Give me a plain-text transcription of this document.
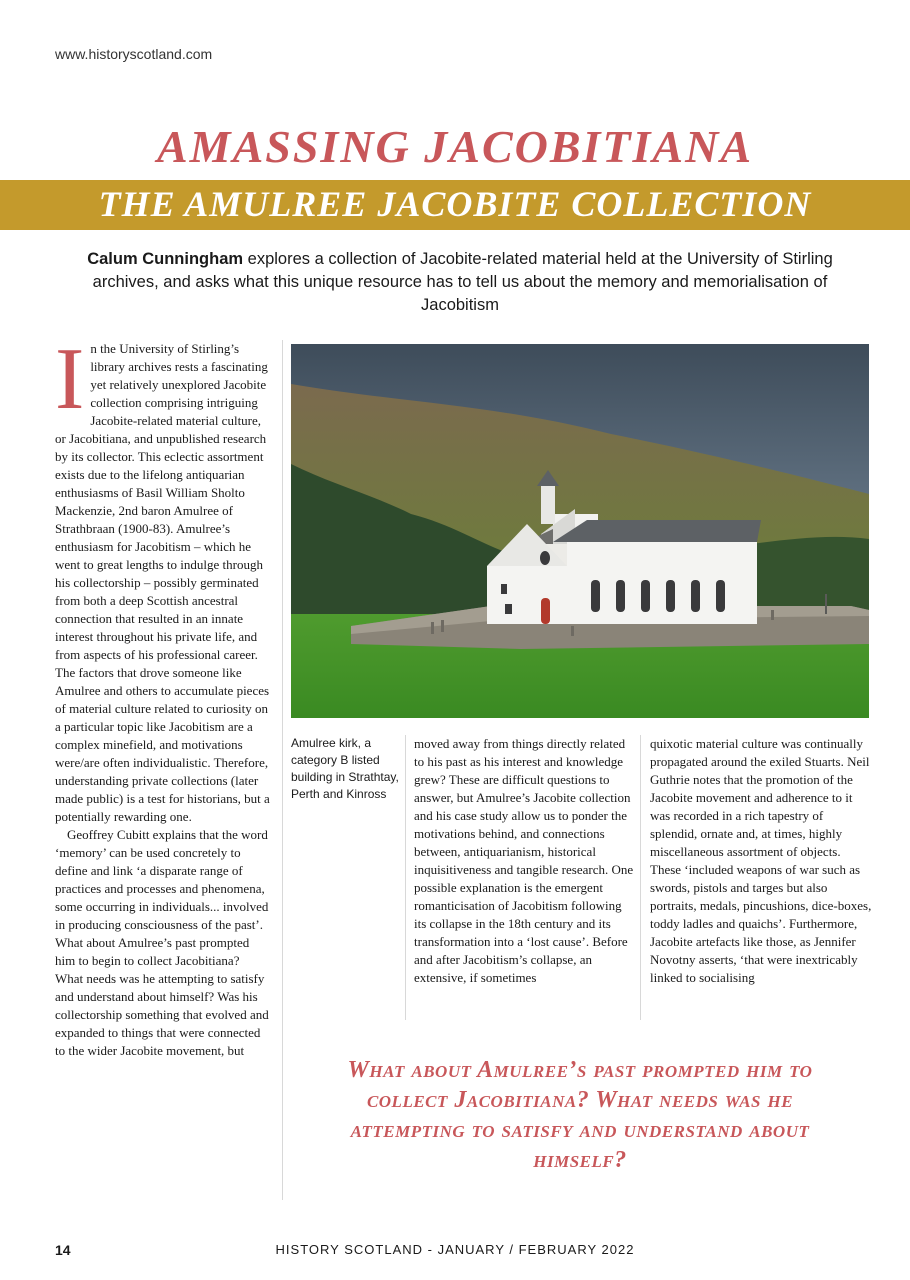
www.historyscotland.com
AMASSING JACOBITIANA
THE AMULREE JACOBITE COLLECTION
Calum Cunningham explores a collection of Jacobite-related material held at the University of Stirling archives, and asks what this unique resource has to tell us about the memory and memorialisation of Jacobitism

In the University of Stirling’s library archives rests a fascinating yet relatively unexplored Jacobite collection comprising intriguing Jacobite-related material culture, or Jacobitiana, and unpublished research by its collector. This eclectic assortment exists due to the lifelong antiquarian enthusiasms of Basil William Sholto Mackenzie, 2nd baron Amulree of Strathbraan (1900-83). Amulree’s enthusiasm for Jacobitism – which he went to great lengths to indulge through his collectorship – possibly germinated from both a deep Scottish ancestral connection that resulted in an innate interest throughout his private life, and from aspects of his professional career. The factors that drove someone like Amulree and others to accumulate pieces of material culture related to curiosity on a particular topic like Jacobitism are a complex minefield, and motivations were/are often individualistic. Therefore, understanding private collections (later made public) is a test for historians, but a potentially rewarding one.

Geoffrey Cubitt explains that the word ‘memory’ can be used concretely to define and link ‘a disparate range of practices and processes and phenomena, some occurring in individuals... involved in producing consciousness of the past’. What about Amulree’s past prompted him to begin to collect Jacobitiana? What needs was he attempting to satisfy and understand about himself? Was his collectorship something that evolved and expanded to things that were connected to the wider Jacobite movement, but

Amulree kirk, a category B listed building in Strathtay, Perth and Kinross

moved away from things directly related to his past as his interest and knowledge grew? These are difficult questions to answer, but Amulree’s Jacobite collection and his case study allow us to ponder the motivations behind, and connections between, antiquarianism, historical inquisitiveness and tangible research. One possible explanation is the emergent romanticisation of Jacobitism following its collapse in the 18th century and its transformation into a ‘lost cause’. Before and after Jacobitism’s collapse, an extensive, if sometimes

quixotic material culture was continually propagated around the exiled Stuarts. Neil Guthrie notes that the promotion of the Jacobite movement and adherence to it was recorded in a rich tapestry of splendid, ornate and, at times, highly miscellaneous assortment of objects. These ‘included weapons of war such as swords, pistols and targes but also portraits, medals, pincushions, dice-boxes, toddy ladles and quaichs’. Furthermore, Jacobite artefacts like those, as Jennifer Novotny asserts, ‘that were inextricably linked to socialising

What about Amulree’s past prompted him to collect Jacobitiana? What needs was he attempting to satisfy and understand about himself?
14	HISTORY SCOTLAND - JANUARY / FEBRUARY 2022
